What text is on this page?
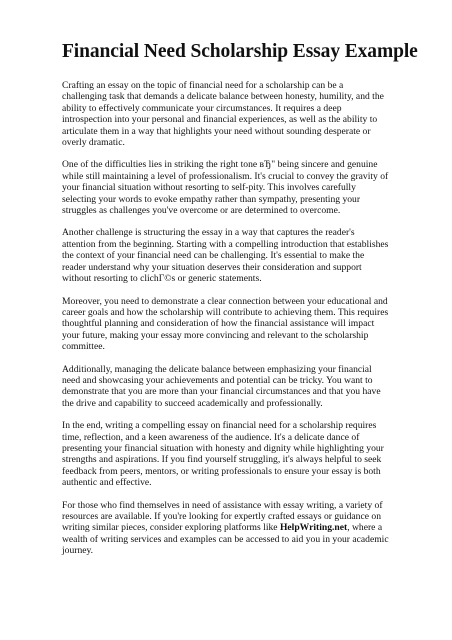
Financial Need Scholarship Essay Example

Crafting an essay on the topic of financial need for a scholarship can be a challenging task that demands a delicate balance between honesty, humility, and the ability to effectively communicate your circumstances. It requires a deep introspection into your personal and financial experiences, as well as the ability to articulate them in a way that highlights your need without sounding desperate or overly dramatic.

One of the difficulties lies in striking the right tone вЂ" being sincere and genuine while still maintaining a level of professionalism. It's crucial to convey the gravity of your financial situation without resorting to self-pity. This involves carefully selecting your words to evoke empathy rather than sympathy, presenting your struggles as challenges you've overcome or are determined to overcome.

Another challenge is structuring the essay in a way that captures the reader's attention from the beginning. Starting with a compelling introduction that establishes the context of your financial need can be challenging. It's essential to make the reader understand why your situation deserves their consideration and support without resorting to clichГ©s or generic statements.

Moreover, you need to demonstrate a clear connection between your educational and career goals and how the scholarship will contribute to achieving them. This requires thoughtful planning and consideration of how the financial assistance will impact your future, making your essay more convincing and relevant to the scholarship committee.

Additionally, managing the delicate balance between emphasizing your financial need and showcasing your achievements and potential can be tricky. You want to demonstrate that you are more than your financial circumstances and that you have the drive and capability to succeed academically and professionally.

In the end, writing a compelling essay on financial need for a scholarship requires time, reflection, and a keen awareness of the audience. It's a delicate dance of presenting your financial situation with honesty and dignity while highlighting your strengths and aspirations. If you find yourself struggling, it's always helpful to seek feedback from peers, mentors, or writing professionals to ensure your essay is both authentic and effective.

For those who find themselves in need of assistance with essay writing, a variety of resources are available. If you're looking for expertly crafted essays or guidance on writing similar pieces, consider exploring platforms like HelpWriting.net, where a wealth of writing services and examples can be accessed to aid you in your academic journey.
